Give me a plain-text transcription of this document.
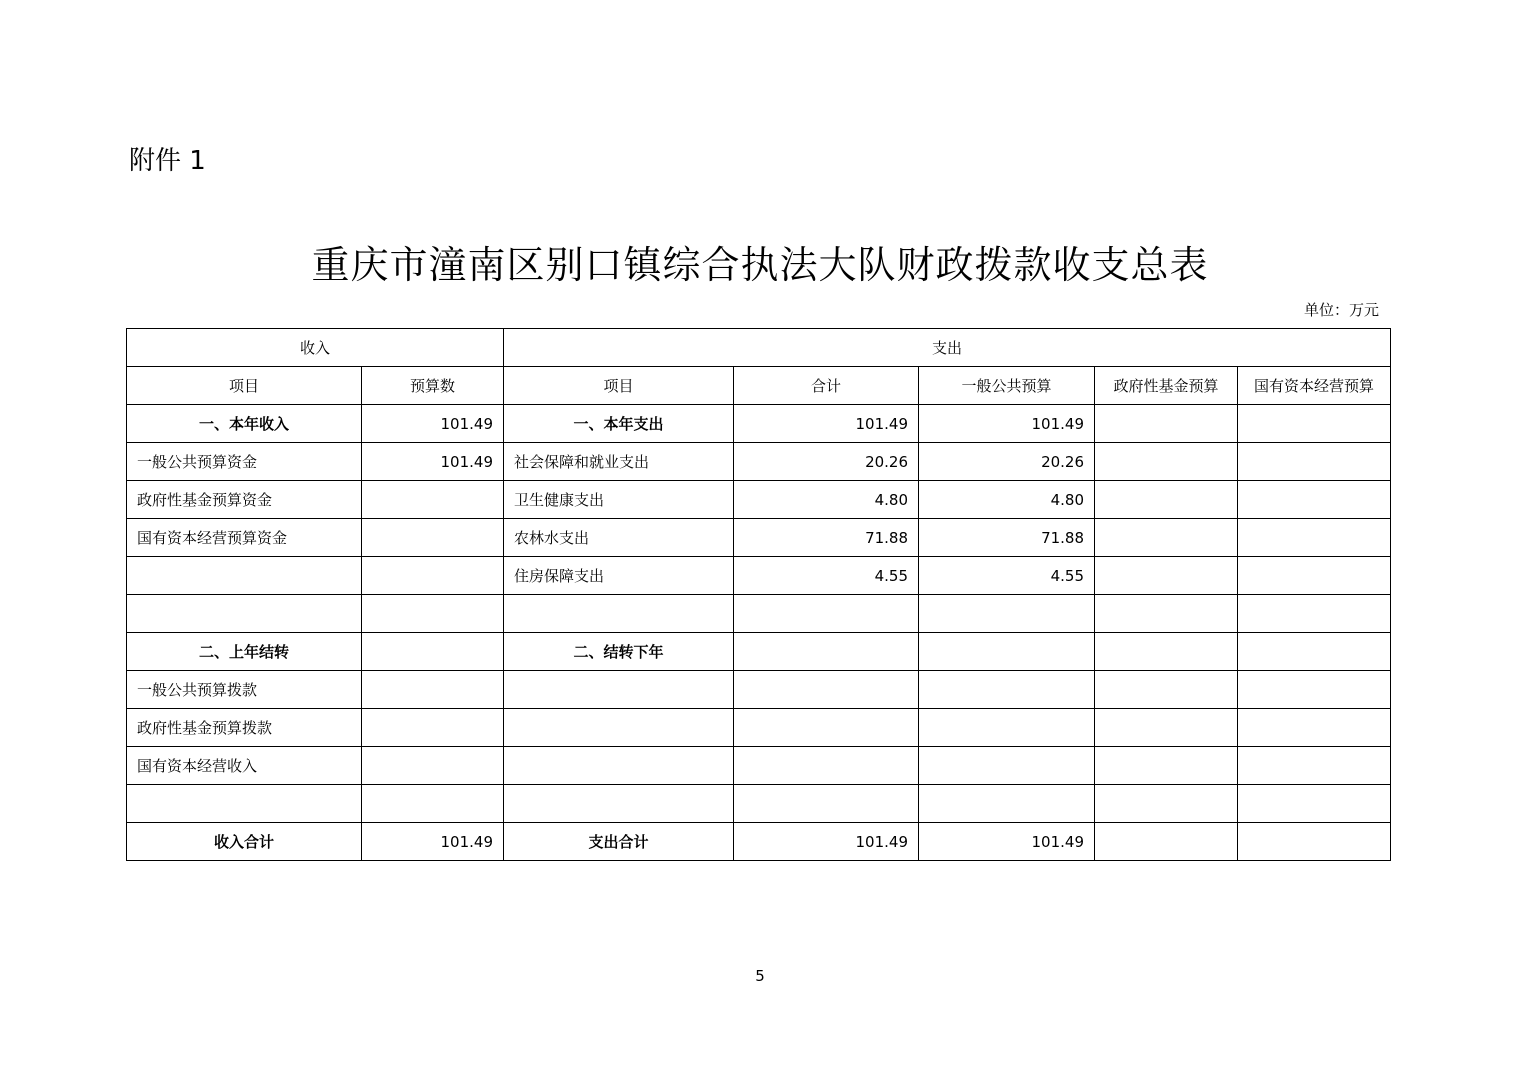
附件 1
重庆市潼南区别口镇综合执法大队财政拨款收支总表
单位：万元
收入		支出				
项目	预算数	项目	合计	一般公共预算	政府性基金预算	国有资本经营预算
一、本年收入	101.49	一、本年支出	101.49	101.49		
一般公共预算资金	101.49	社会保障和就业支出	20.26	20.26		
政府性基金预算资金		卫生健康支出	4.80	4.80		
国有资本经营预算资金		农林水支出	71.88	71.88		
		住房保障支出	4.55	4.55		

二、上年结转		二、结转下年				
一般公共预算拨款						
政府性基金预算拨款						
国有资本经营收入						

收入合计	101.49	支出合计	101.49	101.49		
5
